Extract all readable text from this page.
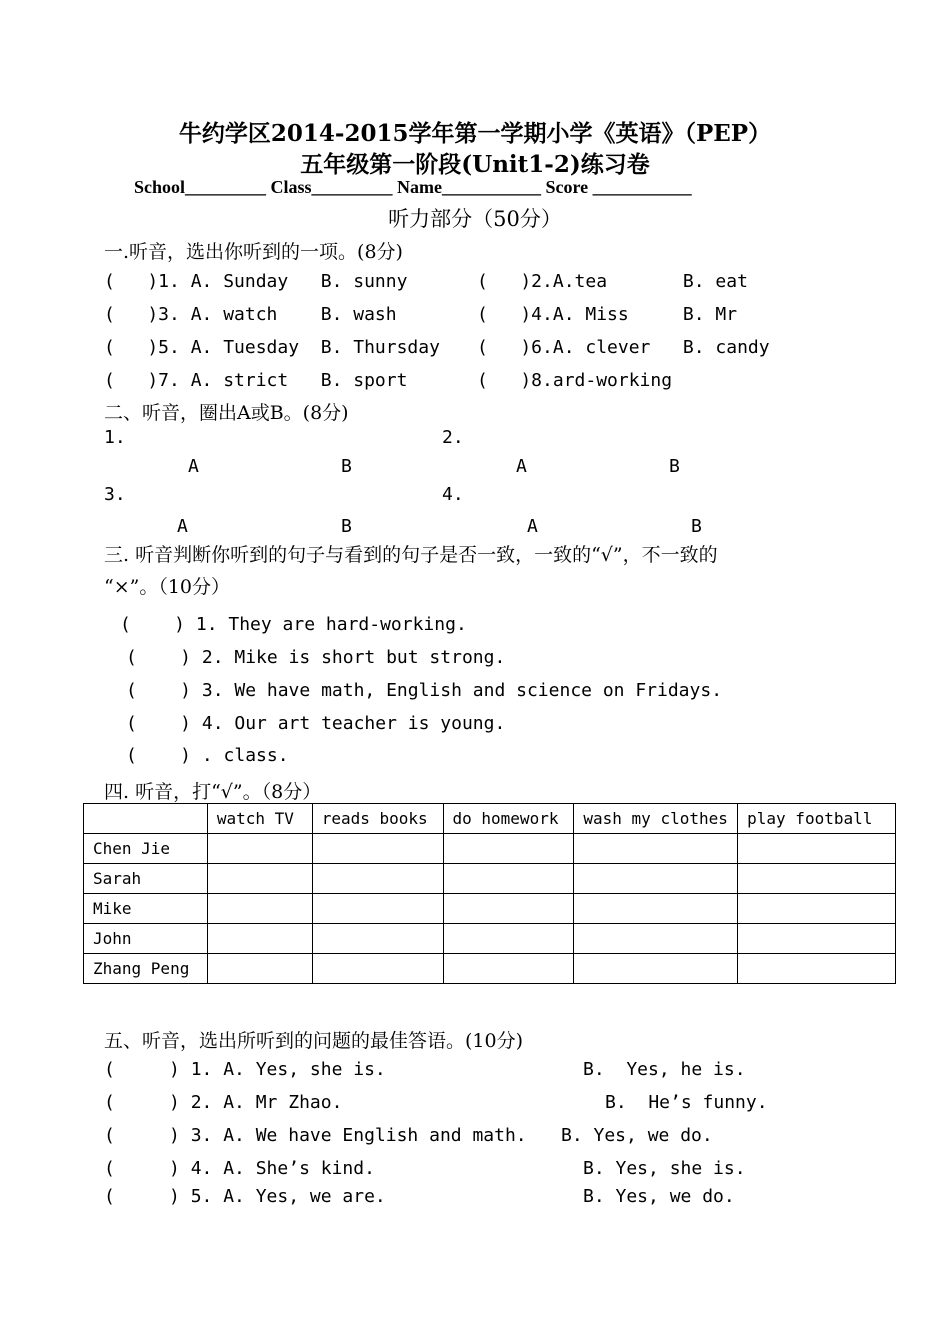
牛约学区2014-2015学年第一学期小学《英语》（PEP）
五年级第一阶段(Unit1-2)练习卷
School_________ Class_________ Name___________ Score ___________
听力部分（50分）
一.听音，选出你听到的一项。(8分)
(   )1. A. Sunday   B. sunny	(   )2.A.tea       B. eat
(   )3. A. watch    B. wash	(   )4.A. Miss     B. Mr
(   )5. A. Tuesday  B. Thursday (   )6.A. clever   B. candy
(   )7. A. strict   B. sport	(   )8.ard-working
二、听音，圈出A或B。(8分)
1.	2.
A	B	A	B
3.	4.
A	B	A	B
三. 听音判断你听到的句子与看到的句子是否一致，一致的“√”，不一致的
“×”。（10分）
(    ) 1. They are hard-working.
(    ) 2. Mike is short but strong.
(    ) 3. We have math, English and science on Fridays.
(    ) 4. Our art teacher is young.
(    ) . class.
四. 听音，打“√”。（8分）
	watch TV	reads books	do homework	wash my clothes	play football
Chen Jie					
Sarah					
Mike					
John					
Zhang Peng					
五、听音，选出所听到的问题的最佳答语。(10分)
(     ) 1. A. Yes, she is.	B.  Yes, he is.
(     ) 2. A. Mr Zhao.	B.  He’s funny.
(     ) 3. A. We have English and math. B. Yes, we do.
(     ) 4. A. She’s kind.	B. Yes, she is.
(     ) 5. A. Yes, we are.	B. Yes, we do.
